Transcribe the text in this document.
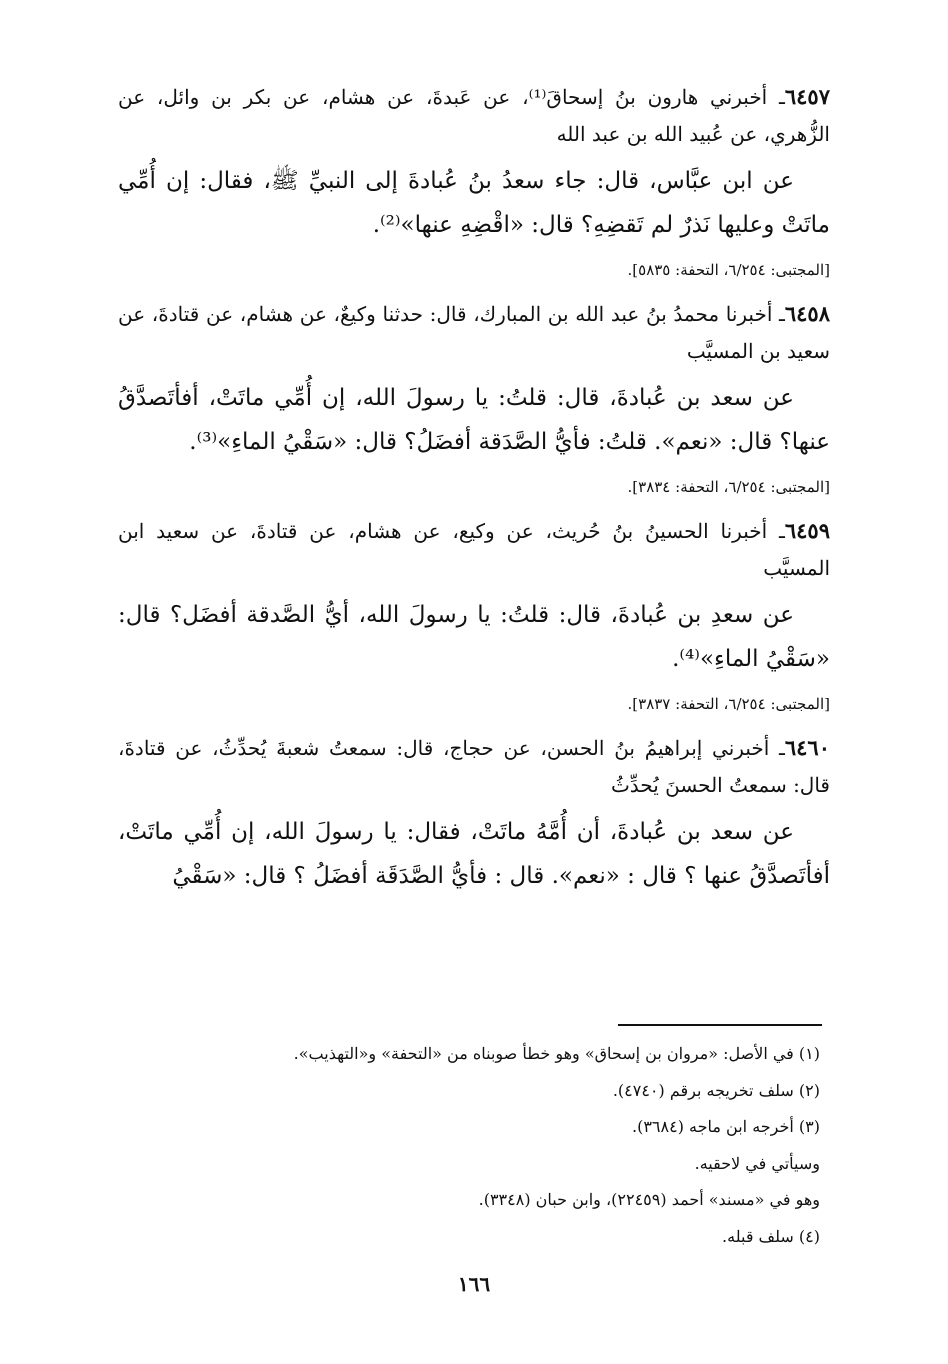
٦٤٥٧ـ أخبرني هارون بنُ إسحاقَ⁽¹⁾، عن عَبدةَ، عن هشام، عن بكر بن وائل، عن الزُّهري، عن عُبيد الله بن عبد الله

عن ابن عبَّاس، قال: جاء سعدُ بنُ عُبادةَ إلى النبيِّ ﷺ، فقال: إن أُمِّي ماتَتْ وعليها نَذرٌ لم تَقضِهِ؟ قال: «اقْضِهِ عنها»⁽²⁾.

[المجتبى: ٦/٢٥٤، التحفة: ٥٨٣٥].

٦٤٥٨ـ أخبرنا محمدُ بنُ عبد الله بن المبارك، قال: حدثنا وكيعٌ، عن هشام، عن قتادةَ، عن سعيد بن المسيَّب

عن سعد بن عُبادةَ، قال: قلتُ: يا رسولَ الله، إن أُمِّي ماتَتْ، أفأتَصدَّقُ عنها؟ قال: «نعم». قلتُ: فأيُّ الصَّدَقة أفضَلُ؟ قال: «سَقْيُ الماءِ»⁽³⁾.

[المجتبى: ٦/٢٥٤، التحفة: ٣٨٣٤].

٦٤٥٩ـ أخبرنا الحسينُ بنُ حُريث، عن وكيع، عن هشام، عن قتادةَ، عن سعيد ابن المسيَّب

عن سعدِ بن عُبادةَ، قال: قلتُ: يا رسولَ الله، أيُّ الصَّدقة أفضَل؟ قال: «سَقْيُ الماءِ»⁽⁴⁾.

[المجتبى: ٦/٢٥٤، التحفة: ٣٨٣٧].

٦٤٦٠ـ أخبرني إبراهيمُ بنُ الحسن، عن حجاج، قال: سمعتُ شعبةَ يُحدِّثُ، عن قتادةَ، قال: سمعتُ الحسنَ يُحدِّثُ

عن سعد بن عُبادةَ، أن أُمَّهُ ماتَتْ، فقال: يا رسولَ الله، إن أُمِّي ماتَتْ، أفأتَصدَّقُ عنها ؟ قال : «نعم». قال : فأيُّ الصَّدَقَة أفضَلُ ؟ قال: «سَقْيُ

(١) في الأصل: «مروان بن إسحاق» وهو خطأ صوبناه من «التحفة» و«التهذيب».

(٢) سلف تخريجه برقم (٤٧٤٠).

(٣) أخرجه ابن ماجه (٣٦٨٤).

وسيأتي في لاحقيه.

وهو في «مسند» أحمد (٢٢٤٥٩)، وابن حبان (٣٣٤٨).

(٤) سلف قبله.

١٦٦
